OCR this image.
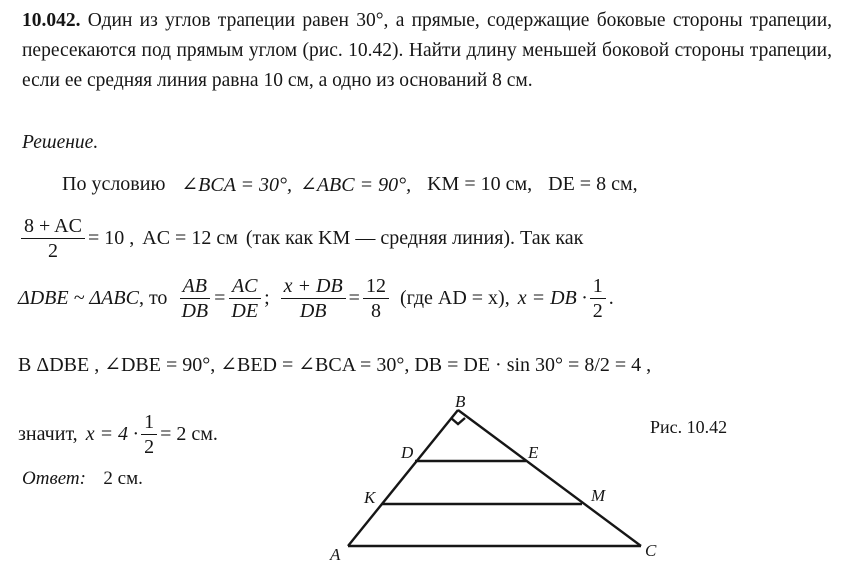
10.042. Один из углов трапеции равен 30°, а прямые, содержащие боковые стороны трапеции, пересекаются под прямым углом (рис. 10.42). Найти длину меньшей боковой стороны трапеции, если ее средняя линия равна 10 см, а одно из оснований 8 см.
Решение.
По условию ∠BCA = 30°, ∠ABC = 90°, KM = 10 см, DE = 8 см,
$\frac{8 + AC}{2} = 10$ , AC = 12 см (так как KM — средняя линия). Так как
ΔDBE ~ ΔABC , то $\frac{AB}{DB} = \frac{AC}{DE}$ ; $\frac{x + DB}{DB} = \frac{12}{8} (где$ AD = x), x = DB · $\frac{1}{2}$ .
В ΔDBE , ∠DBE = 90°, ∠BED = ∠BCA = 30°, DB = DE · sin 30° = 8/2 = 4 ,
значит, $x = 4 \cdot \frac{1}{2} = 2$ см.
B
D	E
K	M
A	C
Рис. 10.42
Ответ: 2 см.
